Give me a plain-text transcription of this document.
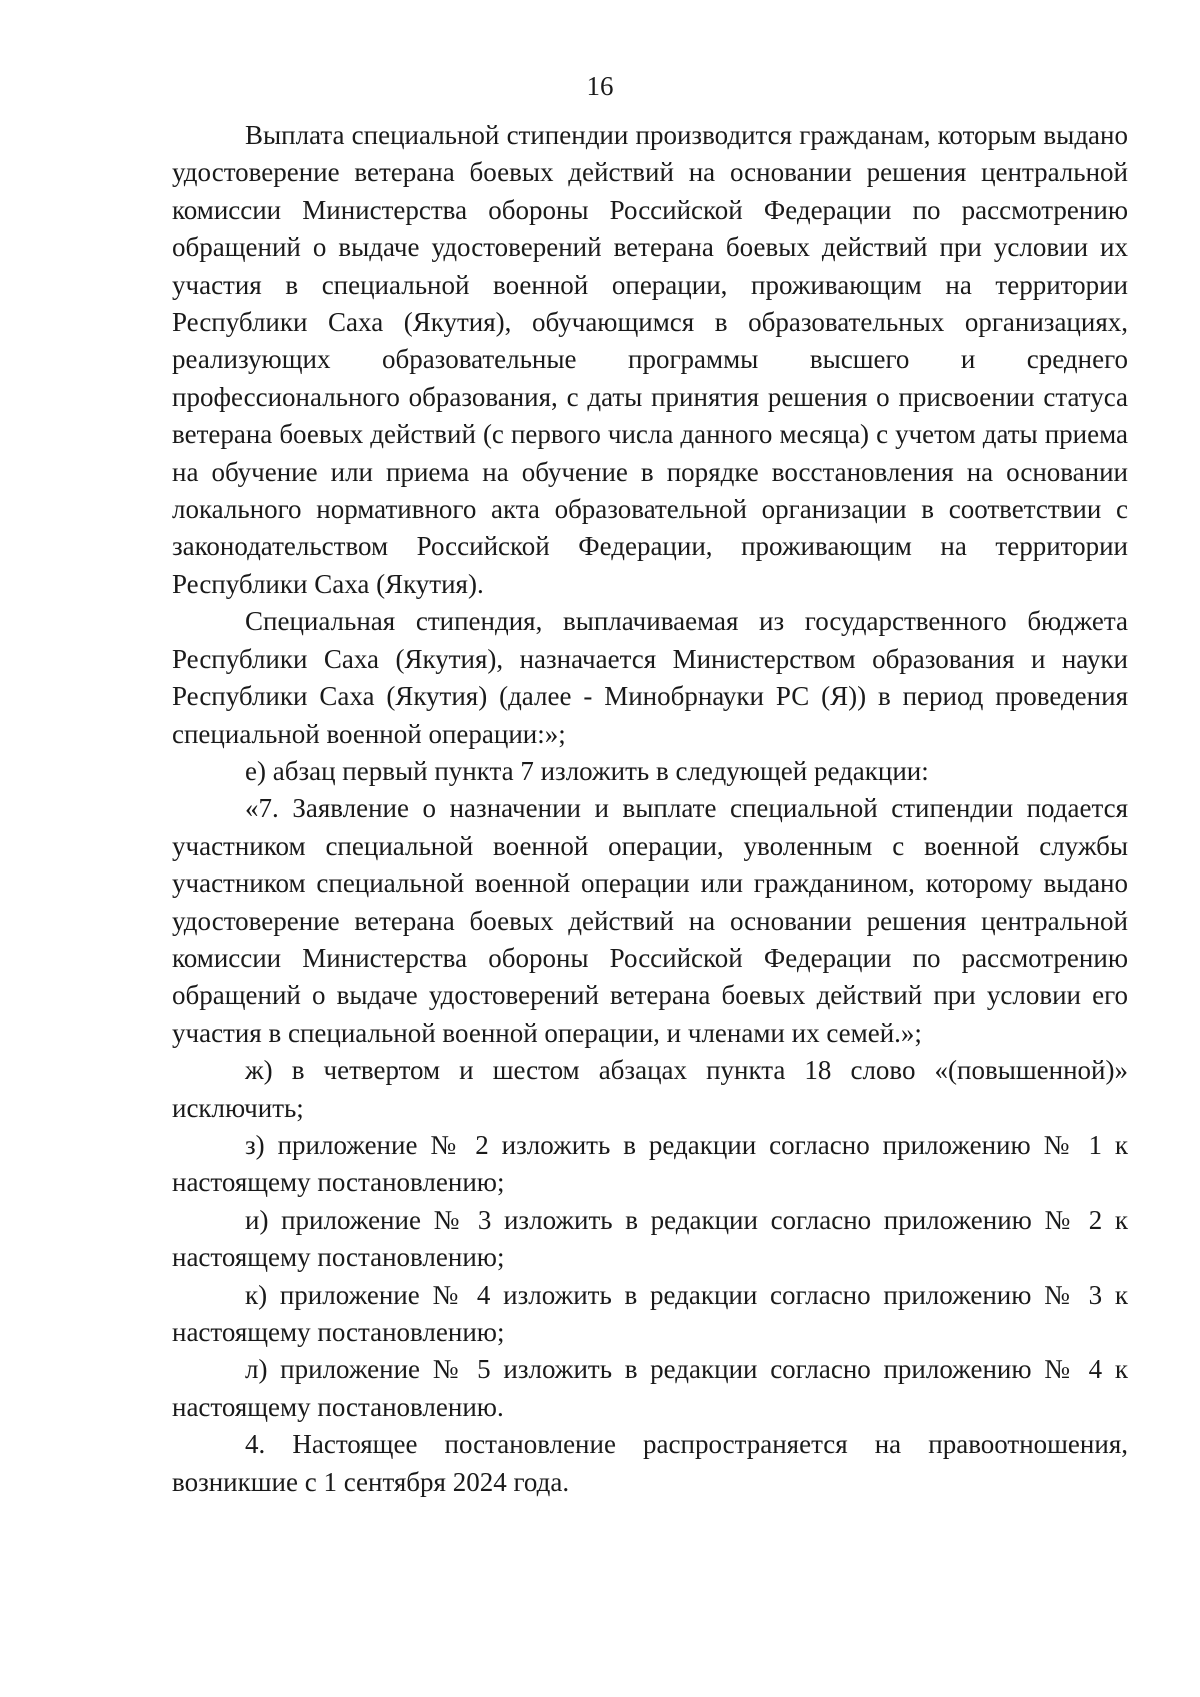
16

Выплата специальной стипендии производится гражданам, которым выдано удостоверение ветерана боевых действий на основании решения центральной комиссии Министерства обороны Российской Федерации по рассмотрению обращений о выдаче удостоверений ветерана боевых действий при условии их участия в специальной военной операции, проживающим на территории Республики Саха (Якутия), обучающимся в образовательных организациях, реализующих образовательные программы высшего и среднего профессионального образования, с даты принятия решения о присвоении статуса ветерана боевых действий (с первого числа данного месяца) с учетом даты приема на обучение или приема на обучение в порядке восстановления на основании локального нормативного акта образовательной организации в соответствии с законодательством Российской Федерации, проживающим на территории Республики Саха (Якутия).

Специальная стипендия, выплачиваемая из государственного бюджета Республики Саха (Якутия), назначается Министерством образования и науки Республики Саха (Якутия) (далее - Минобрнауки РС (Я)) в период проведения специальной военной операции:»;

е) абзац первый пункта 7 изложить в следующей редакции:

«7. Заявление о назначении и выплате специальной стипендии подается участником специальной военной операции, уволенным с военной службы участником специальной военной операции или гражданином, которому выдано удостоверение ветерана боевых действий на основании решения центральной комиссии Министерства обороны Российской Федерации по рассмотрению обращений о выдаче удостоверений ветерана боевых действий при условии его участия в специальной военной операции, и членами их семей.»;

ж) в четвертом и шестом абзацах пункта 18 слово «(повышенной)» исключить;

з) приложение № 2 изложить в редакции согласно приложению № 1 к настоящему постановлению;

и) приложение № 3 изложить в редакции согласно приложению № 2 к настоящему постановлению;

к) приложение № 4 изложить в редакции согласно приложению № 3 к настоящему постановлению;

л) приложение № 5 изложить в редакции согласно приложению № 4 к настоящему постановлению.

4. Настоящее постановление распространяется на правоотношения, возникшие с 1 сентября 2024 года.
